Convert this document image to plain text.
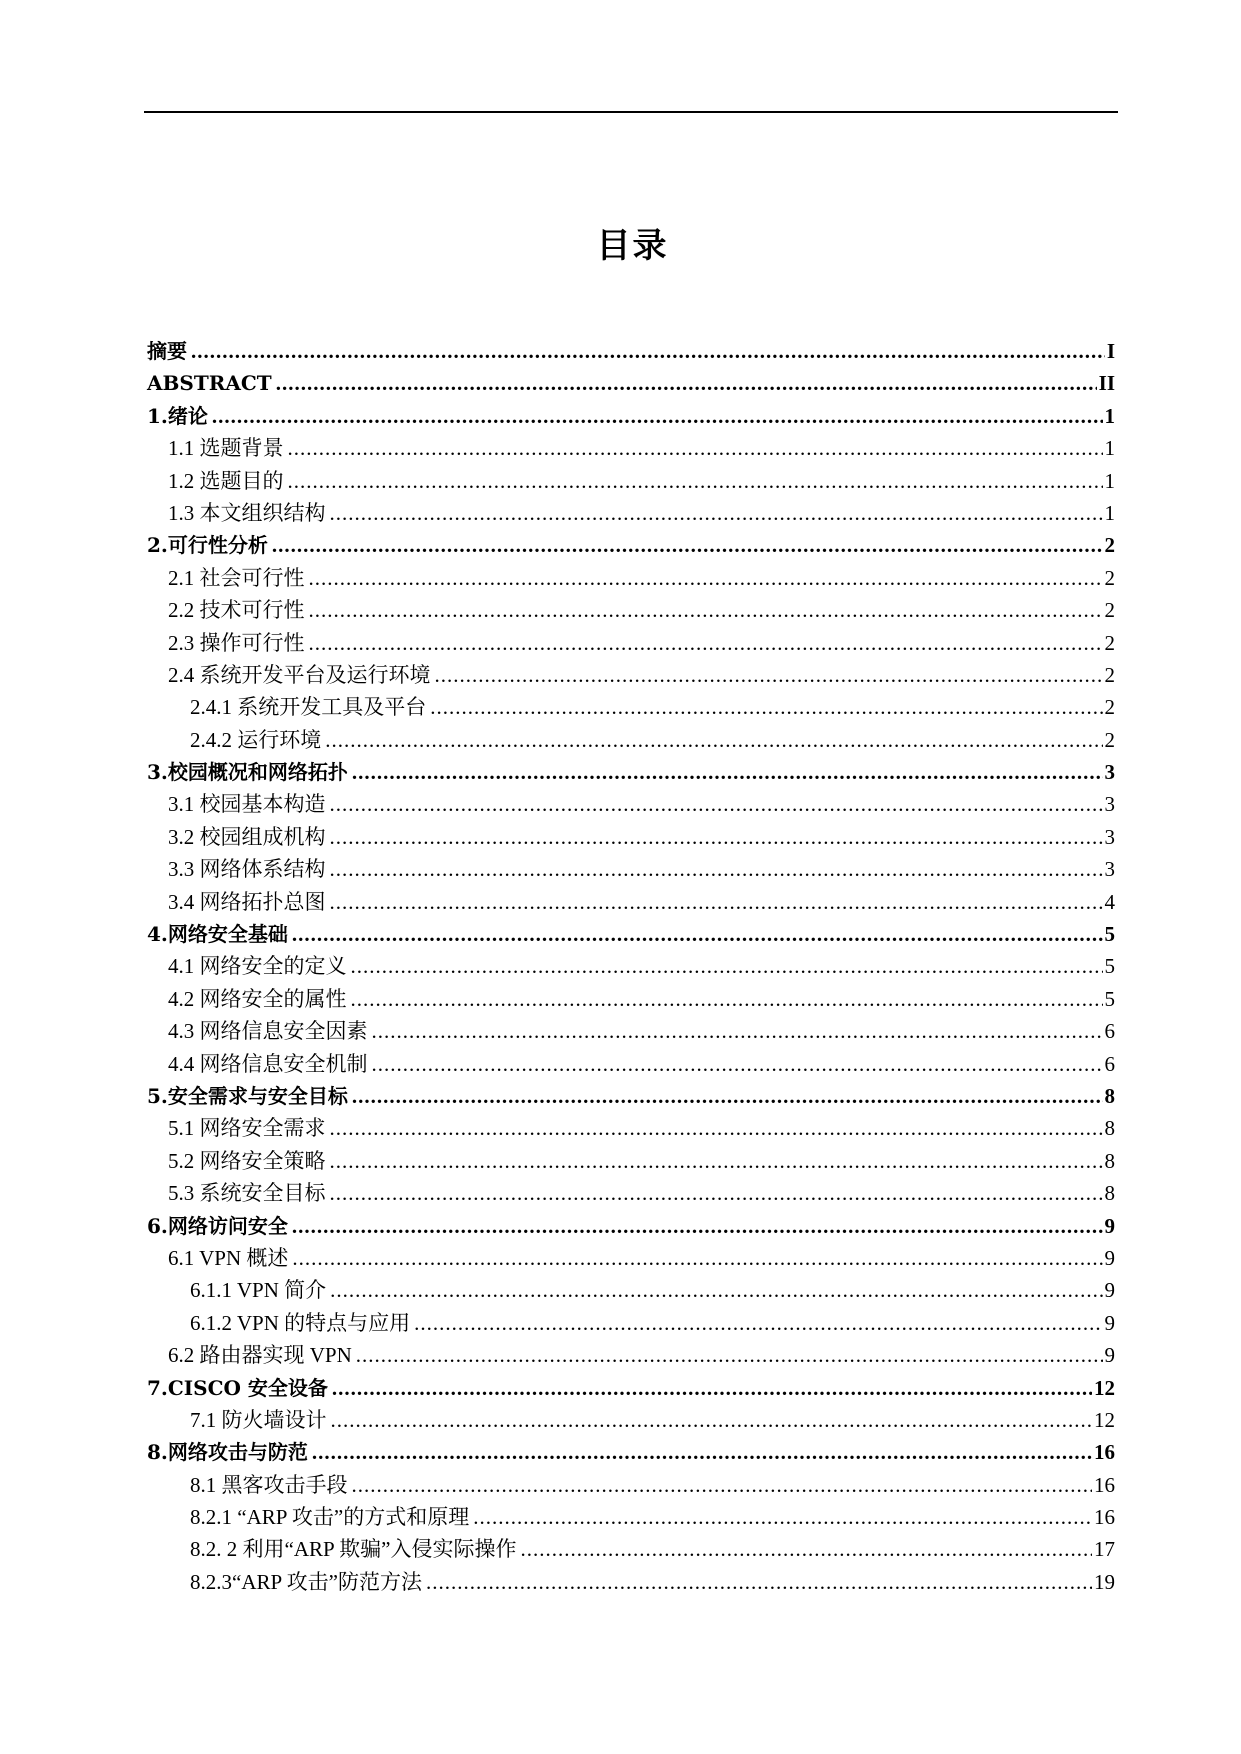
目录
摘要 .....	I
ABSTRACT .....	II
1.绪论 .....	1
1.1 选题背景 .....	1
1.2 选题目的 .....	1
1.3 本文组织结构 .....	1
2.可行性分析 .....	2
2.1 社会可行性 .....	2
2.2 技术可行性 .....	2
2.3 操作可行性 .....	2
2.4 系统开发平台及运行环境 .....	2
2.4.1 系统开发工具及平台 .....	2
2.4.2 运行环境 .....	2
3.校园概况和网络拓扑 .....	3
3.1 校园基本构造 .....	3
3.2 校园组成机构 .....	3
3.3 网络体系结构 .....	3
3.4 网络拓扑总图 .....	4
4.网络安全基础 .....	5
4.1 网络安全的定义 .....	5
4.2 网络安全的属性 .....	5
4.3 网络信息安全因素 .....	6
4.4 网络信息安全机制 .....	6
5.安全需求与安全目标 .....	8
5.1 网络安全需求 .....	8
5.2 网络安全策略 .....	8
5.3 系统安全目标 .....	8
6.网络访问安全 .....	9
6.1 VPN 概述 .....	9
6.1.1 VPN 简介 .....	9
6.1.2 VPN 的特点与应用 .....	9
6.2 路由器实现 VPN .....	9
7.CISCO 安全设备 .....	12
7.1 防火墙设计 .....	12
8.网络攻击与防范 .....	16
8.1 黑客攻击手段 .....	16
8.2.1 “ARP 攻击”的方式和原理 .....	16
8.2. 2 利用“ARP 欺骗”入侵实际操作 .....	17
8.2.3“ARP 攻击”防范方法 .....	19
